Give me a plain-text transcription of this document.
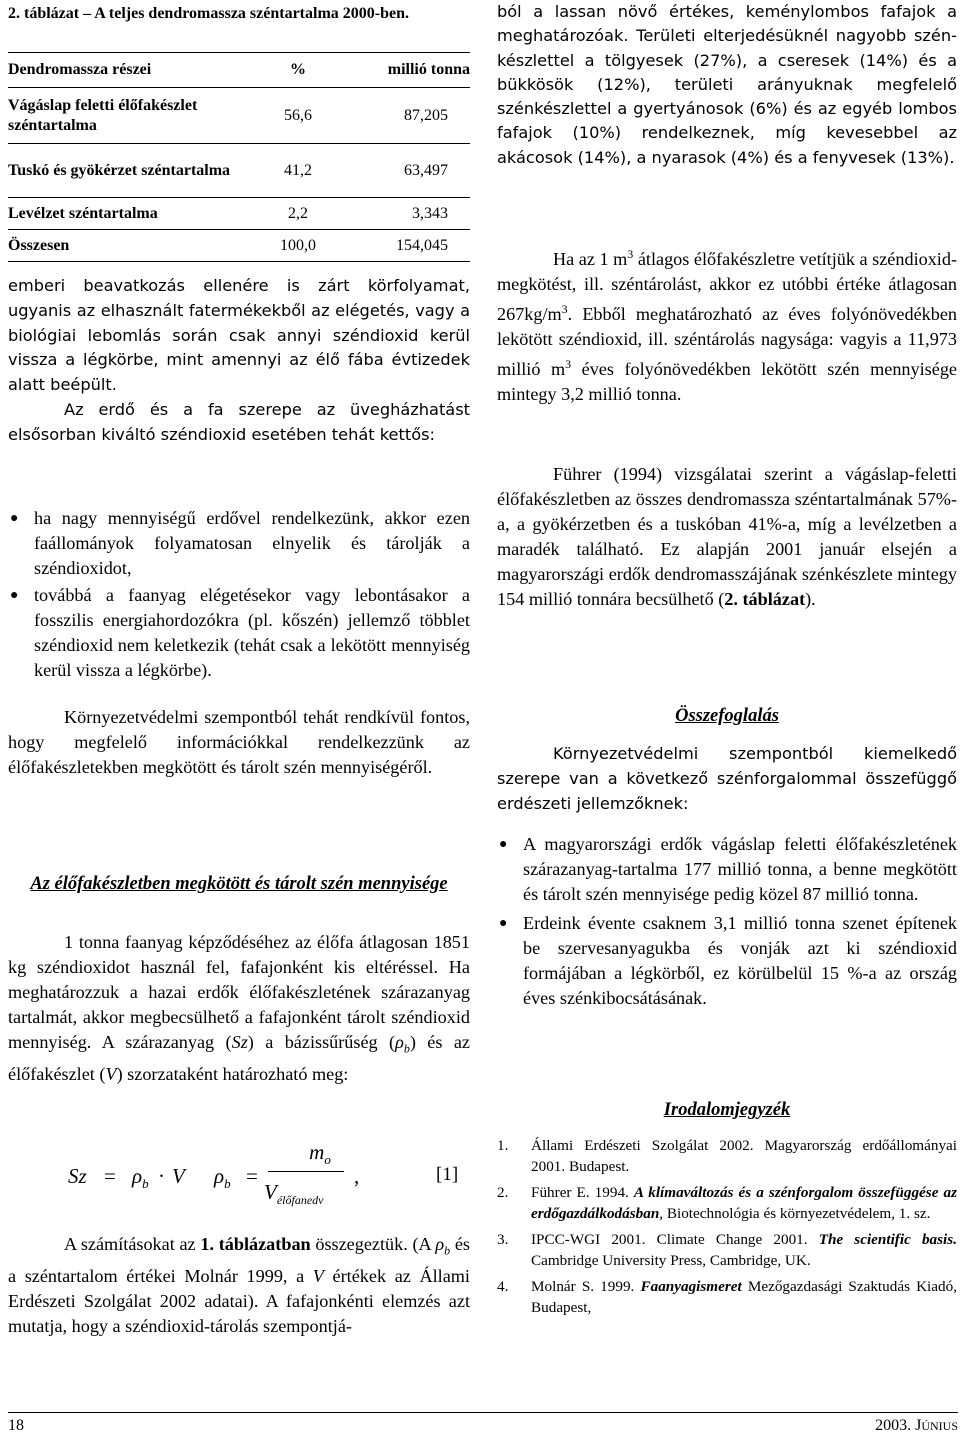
2. táblázat – A teljes dendromassza széntartalma 2000-ben.

Dendromassza részei	%	millió tonna
Vágáslap feletti élőfakészlet széntartalma	56,6	87,205
Tuskó és gyökérzet széntartalma	41,2	63,497
Levélzet széntartalma	2,2	3,343
Összesen	100,0	154,045

emberi beavatkozás ellenére is zárt körfolyamat, ugyanis az elhasznált fatermékekből az elégetés, vagy a biológiai lebomlás során csak annyi széndioxid kerül vissza a légkörbe, mint amennyi az élő fába évtizedek alatt beépült.

Az erdő és a fa szerepe az üvegházhatást elsősorban kiváltó széndioxid esetében tehát kettős:

● ha nagy mennyiségű erdővel rendelkezünk, akkor ezen faállományok folyamatosan elnyelik és tárolják a széndioxidot,
● továbbá a faanyag elégetésekor vagy lebontásakor a fosszilis energiahordozókra (pl. kőszén) jellemző többlet széndioxid nem keletkezik (tehát csak a lekötött mennyiség kerül vissza a légkörbe).

Környezetvédelmi szempontból tehát rendkívül fontos, hogy megfelelő információkkal rendelkezzünk az élőfakészletekben megkötött és tárolt szén mennyiségéről.

Az élőfakészletben megkötött és tárolt szén mennyisége

1 tonna faanyag képződéséhez az élőfa átlagosan 1851 kg széndioxidot használ fel, fafajonként kis eltéréssel. Ha meghatározzuk a hazai erdők élőfakészletének szárazanyag tartalmát, akkor megbecsülhető a fafajonként tárolt széndioxid mennyiség. A szárazanyag (Sz) a bázissűrűség $(\rho_b)$ és az élőfakészlet (V) szorzataként határozható meg:

$Sz = \rho_b \cdot V$ $\rho_b$ =
$m_o$
$V_{élőfanedv}$
,	[1]

A számításokat az 1. táblázatban összegeztük. (A $\rho_b$ és a széntartalom értékei Molnár 1999, a V értékek az Állami Erdészeti Szolgálat 2002 adatai). A fafajonkénti elemzés azt mutatja, hogy a széndioxid-tárolás szempontjá-

ból a lassan növő értékes, keménylombos fafajok a meghatározóak. Területi elterjedésüknél nagyobb szén-készlettel a tölgyesek (27%), a cseresek (14%) és a bükkösök (12%), területi arányuknak megfelelő szénkészlettel a gyertyánosok (6%) és az egyéb lombos fafajok (10%) rendelkeznek, míg kevesebbel az akácosok (14%), a nyarasok (4%) és a fenyvesek (13%).

Ha az 1 $m^3$ átlagos élőfakészletre vetítjük a széndioxid-megkötést, ill. széntárolást, akkor ez utóbbi értéke átlagosan $267kg/m^3$. Ebből meghatározható az éves folyónövedékben lekötött széndioxid, ill. széntárolás nagysága: vagyis a 11,973 millió $m^3$ éves folyónövedékben lekötött szén mennyisége mintegy 3,2 millió tonna.

Führer (1994) vizsgálatai szerint a vágáslap-feletti élőfakészletben az összes dendromassza széntartalmának 57%-a, a gyökérzetben és a tuskóban 41%-a, míg a levélzetben a maradék található. Ez alapján 2001 január elsején a magyarországi erdők dendromasszájának szénkészlete mintegy 154 millió tonnára becsülhető (2. táblázat).

Összefoglalás

Környezetvédelmi szempontból kiemelkedő szerepe van a következő szénforgalommal összefüggő erdészeti jellemzőknek:

● A magyarországi erdők vágáslap feletti élőfakészletének szárazanyag-tartalma 177 millió tonna, a benne megkötött és tárolt szén mennyisége pedig közel 87 millió tonna.
● Erdeink évente csaknem 3,1 millió tonna szenet építenek be szervesanyagukba és vonják azt ki széndioxid formájában a légkörből, ez körülbelül 15 %-a az ország éves szénkibocsátásának.

Irodalomjegyzék

1. Állami Erdészeti Szolgálat 2002. Magyarország erdőállományai 2001. Budapest.
2. Führer E. 1994. A klímaváltozás és a szénforgalom összefüggése az erdőgazdálkodásban, Biotechnológia és környezetvédelem, 1. sz.
3. IPCC-WGI 2001. Climate Change 2001. The scientific basis. Cambridge University Press, Cambridge, UK.
4. Molnár S. 1999. Faanyagismeret Mezőgazdasági Szaktudás Kiadó, Budapest,
18	2003. JÚNIUS
